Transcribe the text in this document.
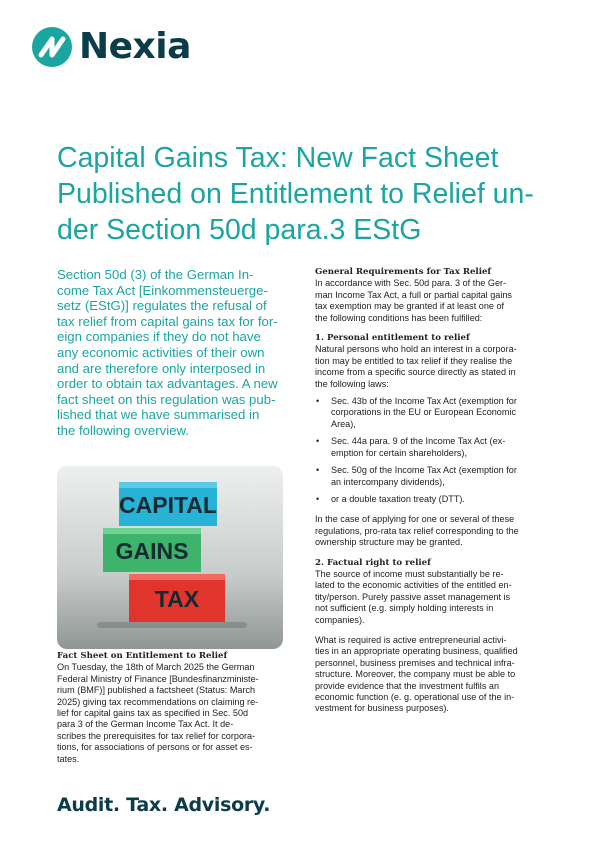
Nexia
Capital Gains Tax: New Fact Sheet
Published on Entitlement to Relief un-
der Section 50d para.3 EStG
Section 50d (3) of the German In-
come Tax Act [Einkommensteuerge-
setz (EStG)] regulates the refusal of
tax relief from capital gains tax for for-
eign companies if they do not have
any economic activities of their own
and are therefore only interposed in
order to obtain tax advantages. A new
fact sheet on this regulation was pub-
lished that we have summarised in
the following overview.
CAPITAL
GAINS
TAX
Fact Sheet on Entitlement to Relief
On Tuesday, the 18th of March 2025 the German
Federal Ministry of Finance [Bundesfinanzministe-
rium (BMF)] published a factsheet (Status: March
2025) giving tax recommendations on claiming re-
lief for capital gains tax as specified in Sec. 50d
para 3 of the German Income Tax Act. It de-
scribes the prerequisites for tax relief for corpora-
tions, for associations of persons or for asset es-
tates.
General Requirements for Tax Relief
In accordance with Sec. 50d para. 3 of the Ger-
man Income Tax Act, a full or partial capital gains
tax exemption may be granted if at least one of
the following conditions has been fulfilled:
1. Personal entitlement to relief
Natural persons who hold an interest in a corpora-
tion may be entitled to tax relief if they realise the
income from a specific source directly as stated in
the following laws:
• Sec. 43b of the Income Tax Act (exemption for
corporations in the EU or European Economic
Area),
• Sec. 44a para. 9 of the Income Tax Act (ex-
emption for certain shareholders),
• Sec. 50g of the Income Tax Act (exemption for
an intercompany dividends),
• or a double taxation treaty (DTT).
In the case of applying for one or several of these
regulations, pro-rata tax relief corresponding to the
ownership structure may be granted.
2. Factual right to relief
The source of income must substantially be re-
lated to the economic activities of the entitled en-
tity/person. Purely passive asset management is
not sufficient (e.g. simply holding interests in
companies).
What is required is active entrepreneurial activi-
ties in an appropriate operating business, qualified
personnel, business premises and technical infra-
structure. Moreover, the company must be able to
provide evidence that the investment fulfils an
economic function (e. g. operational use of the in-
vestment for business purposes).
Audit. Tax. Advisory.
